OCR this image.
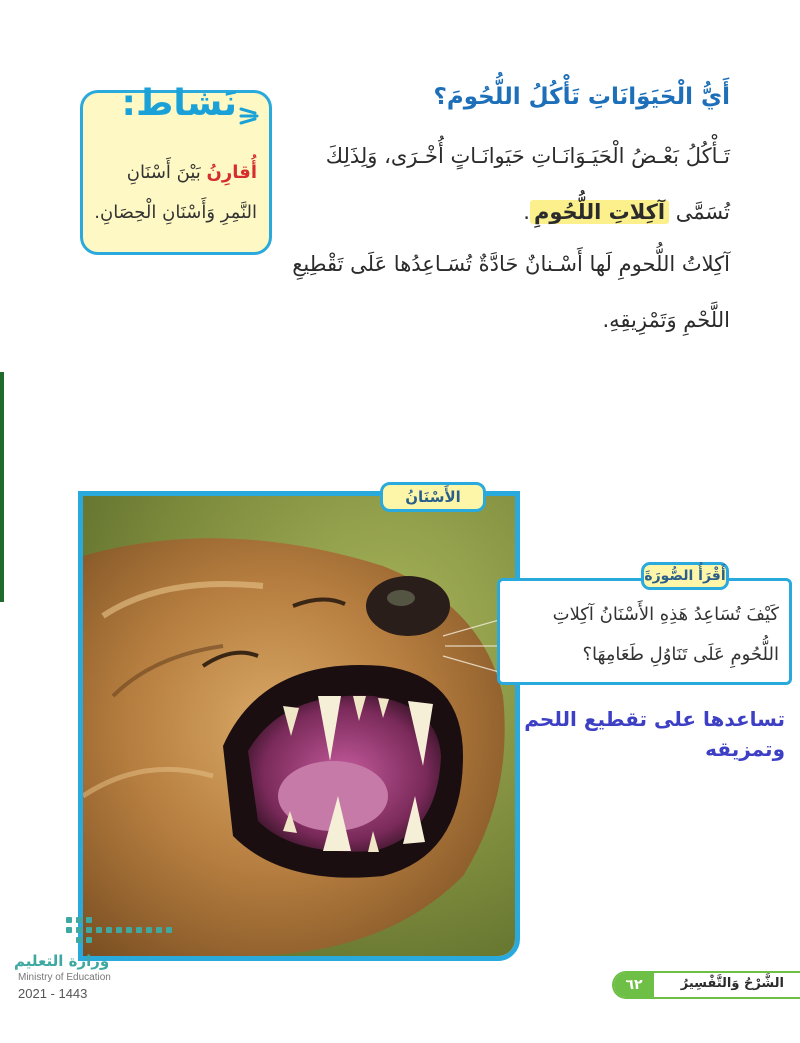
أَيُّ الْحَيَوَانَاتِ تَأْكُلُ اللُّحُومَ؟
تَـأْكُلُ بَعْـضُ الْحَيَـوَانَـاتِ حَيَوانَـاتٍ أُخْـرَى، وَلِذَلِكَ تُسَمَّى آكِلاتِ اللُّحُومِ.
آكِلاتُ اللُّحومِ لَها أَسْـنانٌ حَادَّةٌ تُسَـاعِدُها عَلَى تَقْطِيعِ اللَّحْمِ وَتَمْزِيقِهِ.
نَشاط:
أُقارِنُ بَيْنَ أَسْنَانِ النَّمِرِ وَأَسْنَانِ الْحِصَانِ.
الأَسْنَانُ
كَيْفَ تُسَاعِدُ هَذِهِ الأَسْنَانُ آكِلاتِ اللُّحُومِ عَلَى تَنَاوُلِ طَعَامِهَا؟
أَقْرَأُ الصُّورَةَ
تساعدها على تقطيع اللحم وتمزيقه
وزارة التعليم
Ministry of Education
2021 - 1443
٦٢	الشَّرْحُ وَالتَّفْسِيرُ
